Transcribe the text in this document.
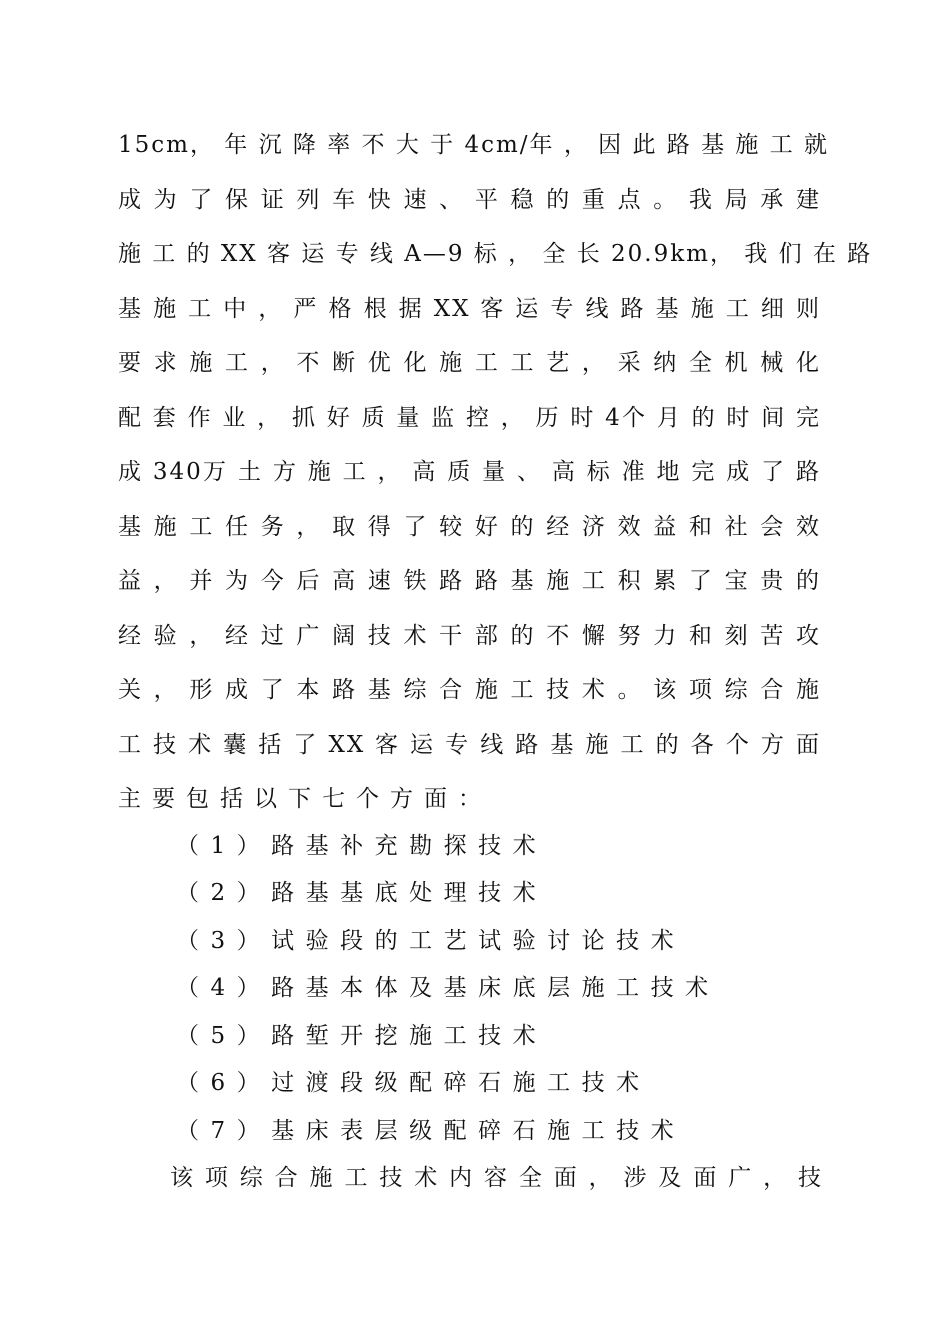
15cm， 年 沉 降 率 不 大 于 4cm/年 ， 因 此 路 基 施 工 就
成 为 了 保 证 列 车 快 速 、 平 稳 的 重 点 。 我 局 承 建
施 工 的 XX 客 运 专 线 A—9 标 ， 全 长 20.9km， 我 们 在 路
基 施 工 中 ， 严 格 根 据 XX 客 运 专 线 路 基 施 工 细 则
要 求 施 工 ， 不 断 优 化 施 工 工 艺 ， 采 纳 全 机 械 化
配 套 作 业 ， 抓 好 质 量 监 控 ， 历 时 4个 月 的 时 间 完
成 340万 土 方 施 工 ， 高 质 量 、 高 标 准 地 完 成 了 路
基 施 工 任 务 ， 取 得 了 较 好 的 经 济 效 益 和 社 会 效
益 ， 并 为 今 后 高 速 铁 路 路 基 施 工 积 累 了 宝 贵 的
经 验 ， 经 过 广 阔 技 术 干 部 的 不 懈 努 力 和 刻 苦 攻
关 ， 形 成 了 本 路 基 综 合 施 工 技 术 。 该 项 综 合 施
工 技 术 囊 括 了 XX 客 运 专 线 路 基 施 工 的 各 个 方 面
主要包括以下七个方面：
（1）路基补充勘探技术
（2）路基基底处理技术
（3）试验段的工艺试验讨论技术
（4）路基本体及基床底层施工技术
（5）路堑开挖施工技术
（6）过渡段级配碎石施工技术
（7）基床表层级配碎石施工技术
该 项 综 合 施 工 技 术 内 容 全 面 ， 涉 及 面 广 ， 技
